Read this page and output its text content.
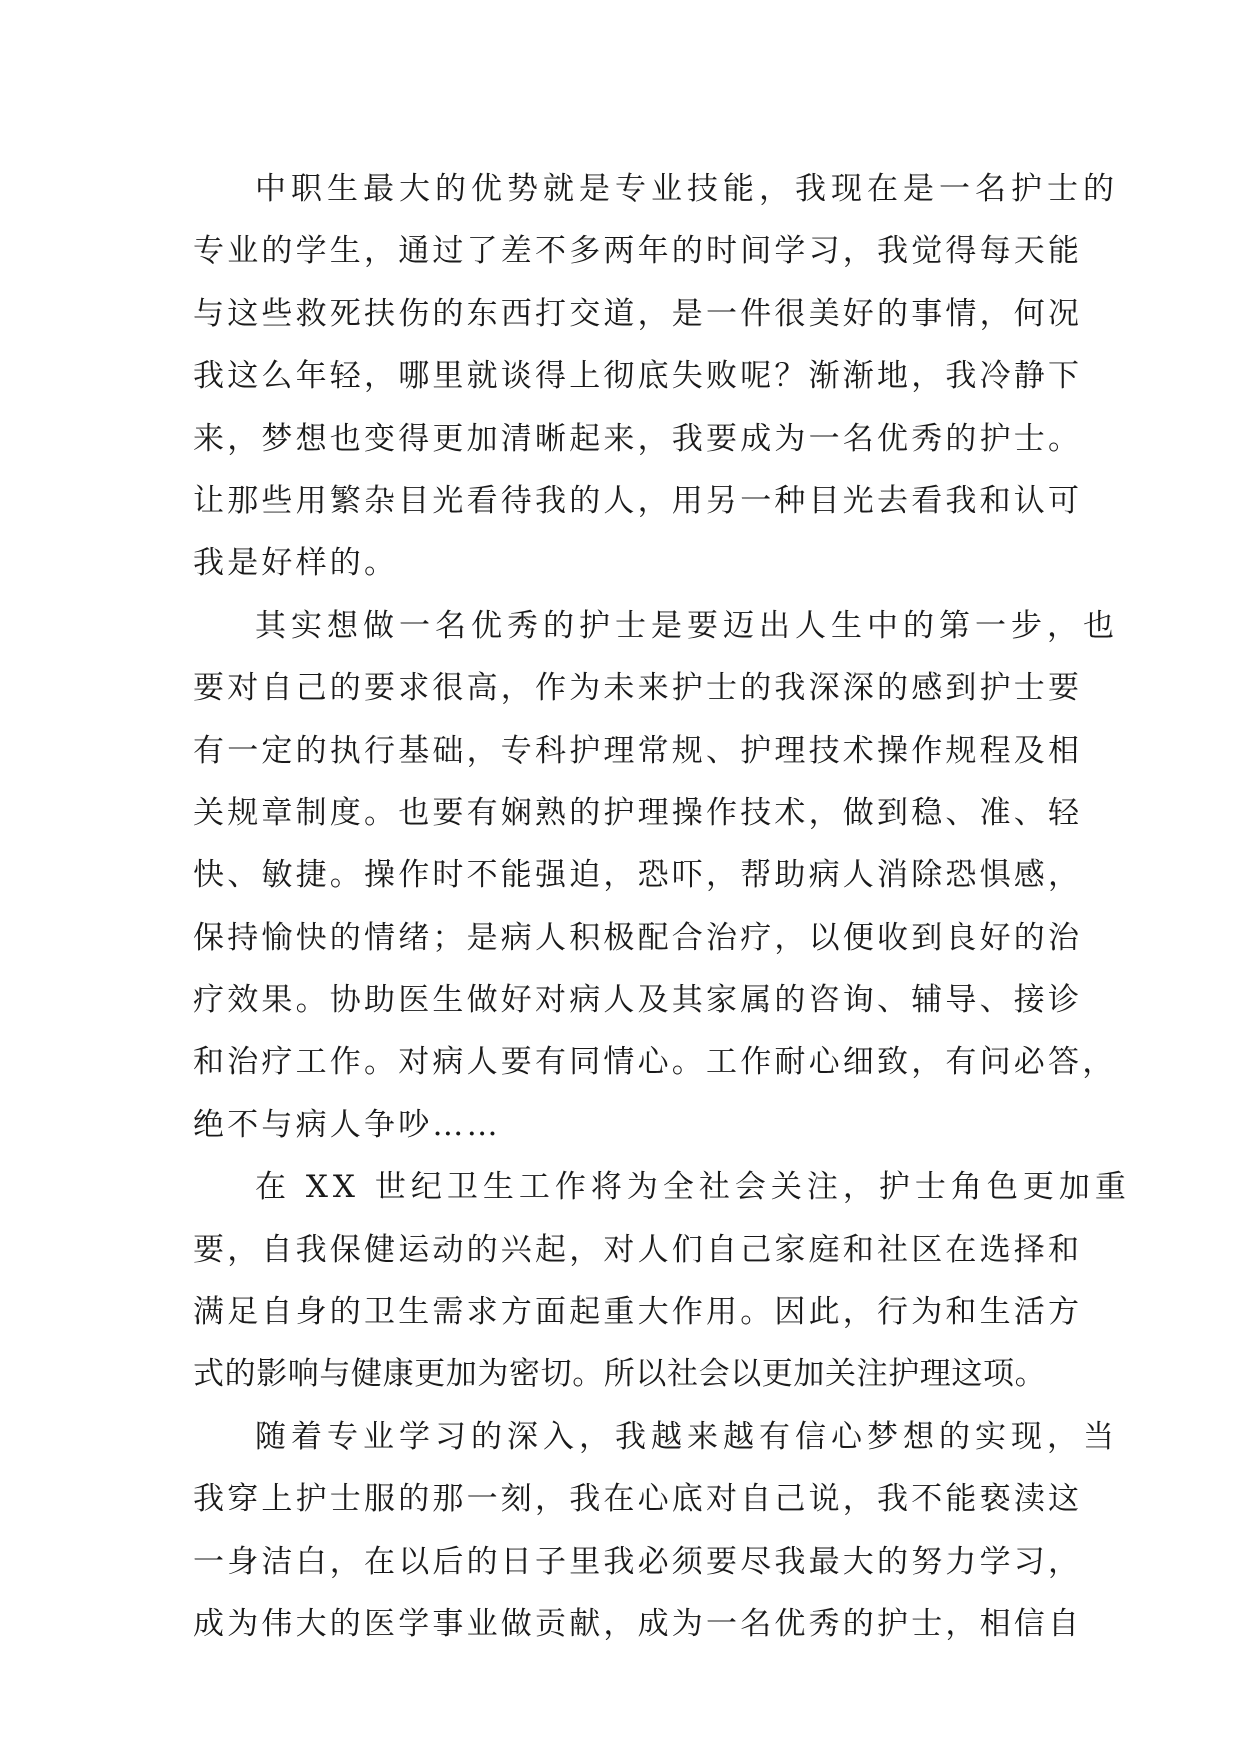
中职生最大的优势就是专业技能，我现在是一名护士的
专业的学生，通过了差不多两年的时间学习，我觉得每天能
与这些救死扶伤的东西打交道，是一件很美好的事情，何况
我这么年轻，哪里就谈得上彻底失败呢？渐渐地，我冷静下
来，梦想也变得更加清晰起来，我要成为一名优秀的护士。
让那些用繁杂目光看待我的人，用另一种目光去看我和认可
我是好样的。
其实想做一名优秀的护士是要迈出人生中的第一步，也
要对自己的要求很高，作为未来护士的我深深的感到护士要
有一定的执行基础，专科护理常规、护理技术操作规程及相
关规章制度。也要有娴熟的护理操作技术，做到稳、准、轻
快、敏捷。操作时不能强迫，恐吓，帮助病人消除恐惧感，
保持愉快的情绪；是病人积极配合治疗，以便收到良好的治
疗效果。协助医生做好对病人及其家属的咨询、辅导、接诊
和治疗工作。对病人要有同情心。工作耐心细致，有问必答，
绝不与病人争吵……
在 XX 世纪卫生工作将为全社会关注，护士角色更加重
要，自我保健运动的兴起，对人们自己家庭和社区在选择和
满足自身的卫生需求方面起重大作用。因此，行为和生活方
式的影响与健康更加为密切。所以社会以更加关注护理这项。
随着专业学习的深入，我越来越有信心梦想的实现，当
我穿上护士服的那一刻，我在心底对自己说，我不能亵渎这
一身洁白，在以后的日子里我必须要尽我最大的努力学习，
成为伟大的医学事业做贡献，成为一名优秀的护士，相信自
